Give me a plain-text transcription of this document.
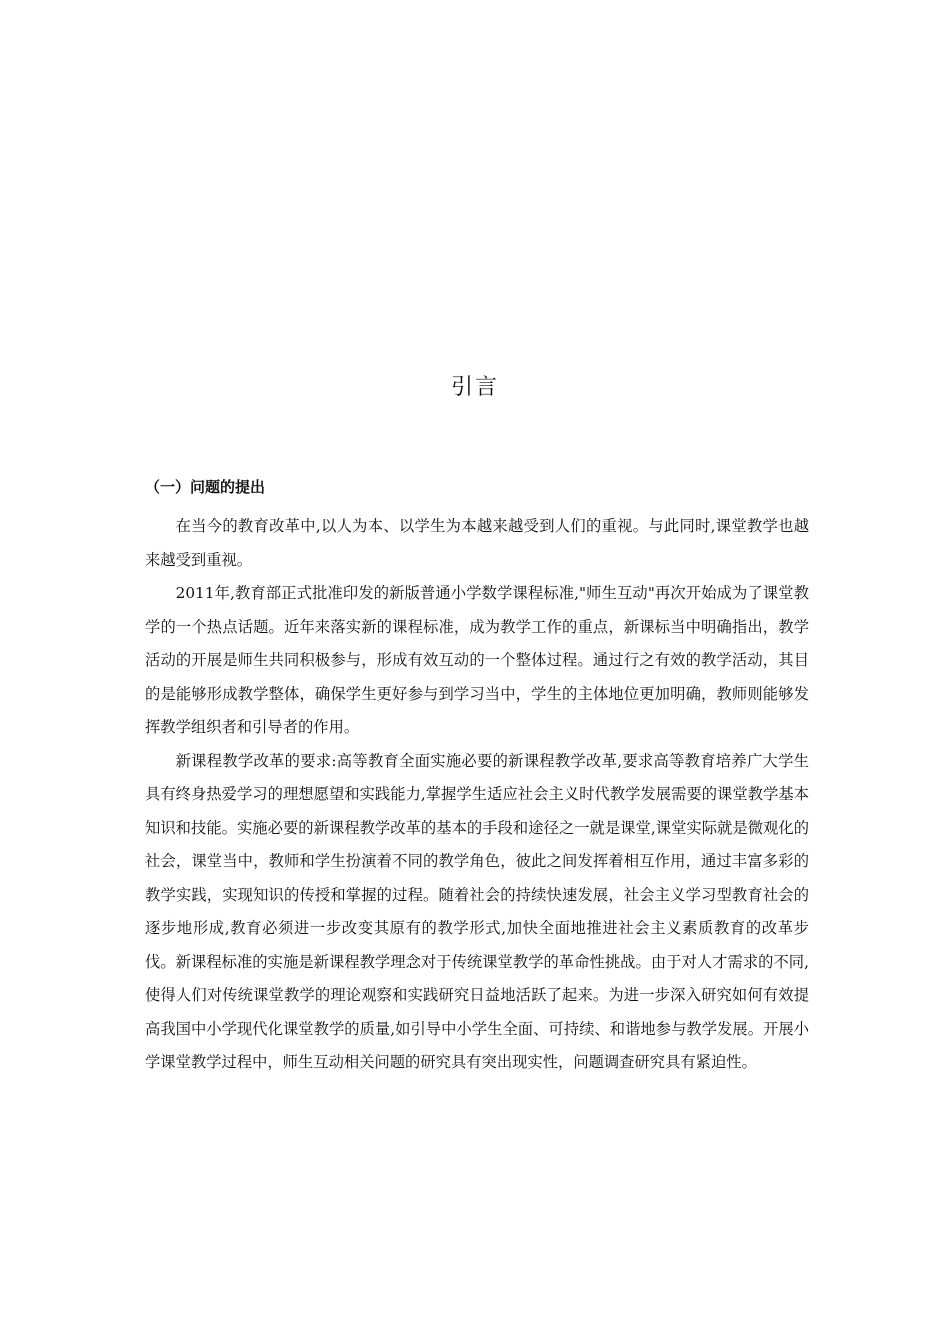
引言
（一）问题的提出

在当今的教育改革中,以人为本、以学生为本越来越受到人们的重视。与此同时,课堂教学也越来越受到重视。

2011年,教育部正式批准印发的新版普通小学数学课程标准,"师生互动"再次开始成为了课堂教学的一个热点话题。近年来落实新的课程标准，成为教学工作的重点，新课标当中明确指出，教学活动的开展是师生共同积极参与，形成有效互动的一个整体过程。通过行之有效的教学活动，其目的是能够形成教学整体，确保学生更好参与到学习当中，学生的主体地位更加明确，教师则能够发挥教学组织者和引导者的作用。

新课程教学改革的要求:高等教育全面实施必要的新课程教学改革,要求高等教育培养广大学生具有终身热爱学习的理想愿望和实践能力,掌握学生适应社会主义时代教学发展需要的课堂教学基本知识和技能。实施必要的新课程教学改革的基本的手段和途径之一就是课堂,课堂实际就是微观化的社会，课堂当中，教师和学生扮演着不同的教学角色，彼此之间发挥着相互作用，通过丰富多彩的教学实践，实现知识的传授和掌握的过程。随着社会的持续快速发展，社会主义学习型教育社会的逐步地形成,教育必须进一步改变其原有的教学形式,加快全面地推进社会主义素质教育的改革步伐。新课程标准的实施是新课程教学理念对于传统课堂教学的革命性挑战。由于对人才需求的不同,使得人们对传统课堂教学的理论观察和实践研究日益地活跃了起来。为进一步深入研究如何有效提高我国中小学现代化课堂教学的质量,如引导中小学生全面、可持续、和谐地参与教学发展。开展小学课堂教学过程中，师生互动相关问题的研究具有突出现实性，问题调查研究具有紧迫性。
